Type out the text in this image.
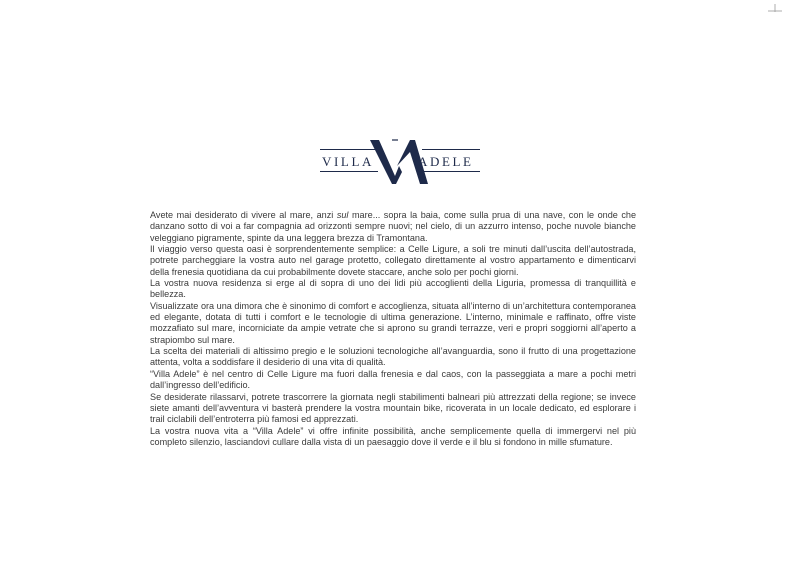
VILLA	ADELE

Avete mai desiderato di vivere al mare, anzi sul mare... sopra la baia, come sulla prua di una nave, con le onde che danzano sotto di voi a far compagnia ad orizzonti sempre nuovi; nel cielo, di un azzurro intenso, poche nuvole bianche veleggiano pigramente, spinte da una leggera brezza di Tramontana.

Il viaggio verso questa oasi è sorprendentemente semplice: a Celle Ligure, a soli tre minuti dall’uscita dell’autostrada, potrete parcheggiare la vostra auto nel garage protetto, collegato direttamente al vostro appartamento e dimenticarvi della frenesia quotidiana da cui probabilmente dovete staccare, anche solo per pochi giorni.

La vostra nuova residenza si erge al di sopra di uno dei lidi più accoglienti della Liguria, promessa di tranquillità e bellezza.

Visualizzate ora una dimora che è sinonimo di comfort e accoglienza, situata all’interno di un’architettura contemporanea ed elegante, dotata di tutti i comfort e le tecnologie di ultima generazione. L’interno, minimale e raffinato, offre viste mozzafiato sul mare, incorniciate da ampie vetrate che si aprono su grandi terrazze, veri e propri soggiorni all’aperto a strapiombo sul mare.

La scelta dei materiali di altissimo pregio e le soluzioni tecnologiche all’avanguardia, sono il frutto di una progettazione attenta, volta a soddisfare il desiderio di una vita di qualità.

“Villa Adele” è nel centro di Celle Ligure ma fuori dalla frenesia e dal caos, con la passeggiata a mare a pochi metri dall’ingresso dell’edificio.

Se desiderate rilassarvi, potrete trascorrere la giornata negli stabilimenti balneari più attrezzati della regione; se invece siete amanti dell’avventura vi basterà prendere la vostra mountain bike, ricoverata in un locale dedicato, ed esplorare i trail ciclabili dell’entroterra più famosi ed apprezzati.

La vostra nuova vita a “Villa Adele” vi offre infinite possibilità, anche semplicemente quella di immergervi nel più completo silenzio, lasciandovi cullare dalla vista di un paesaggio dove il verde e il blu si fondono in mille sfumature.
